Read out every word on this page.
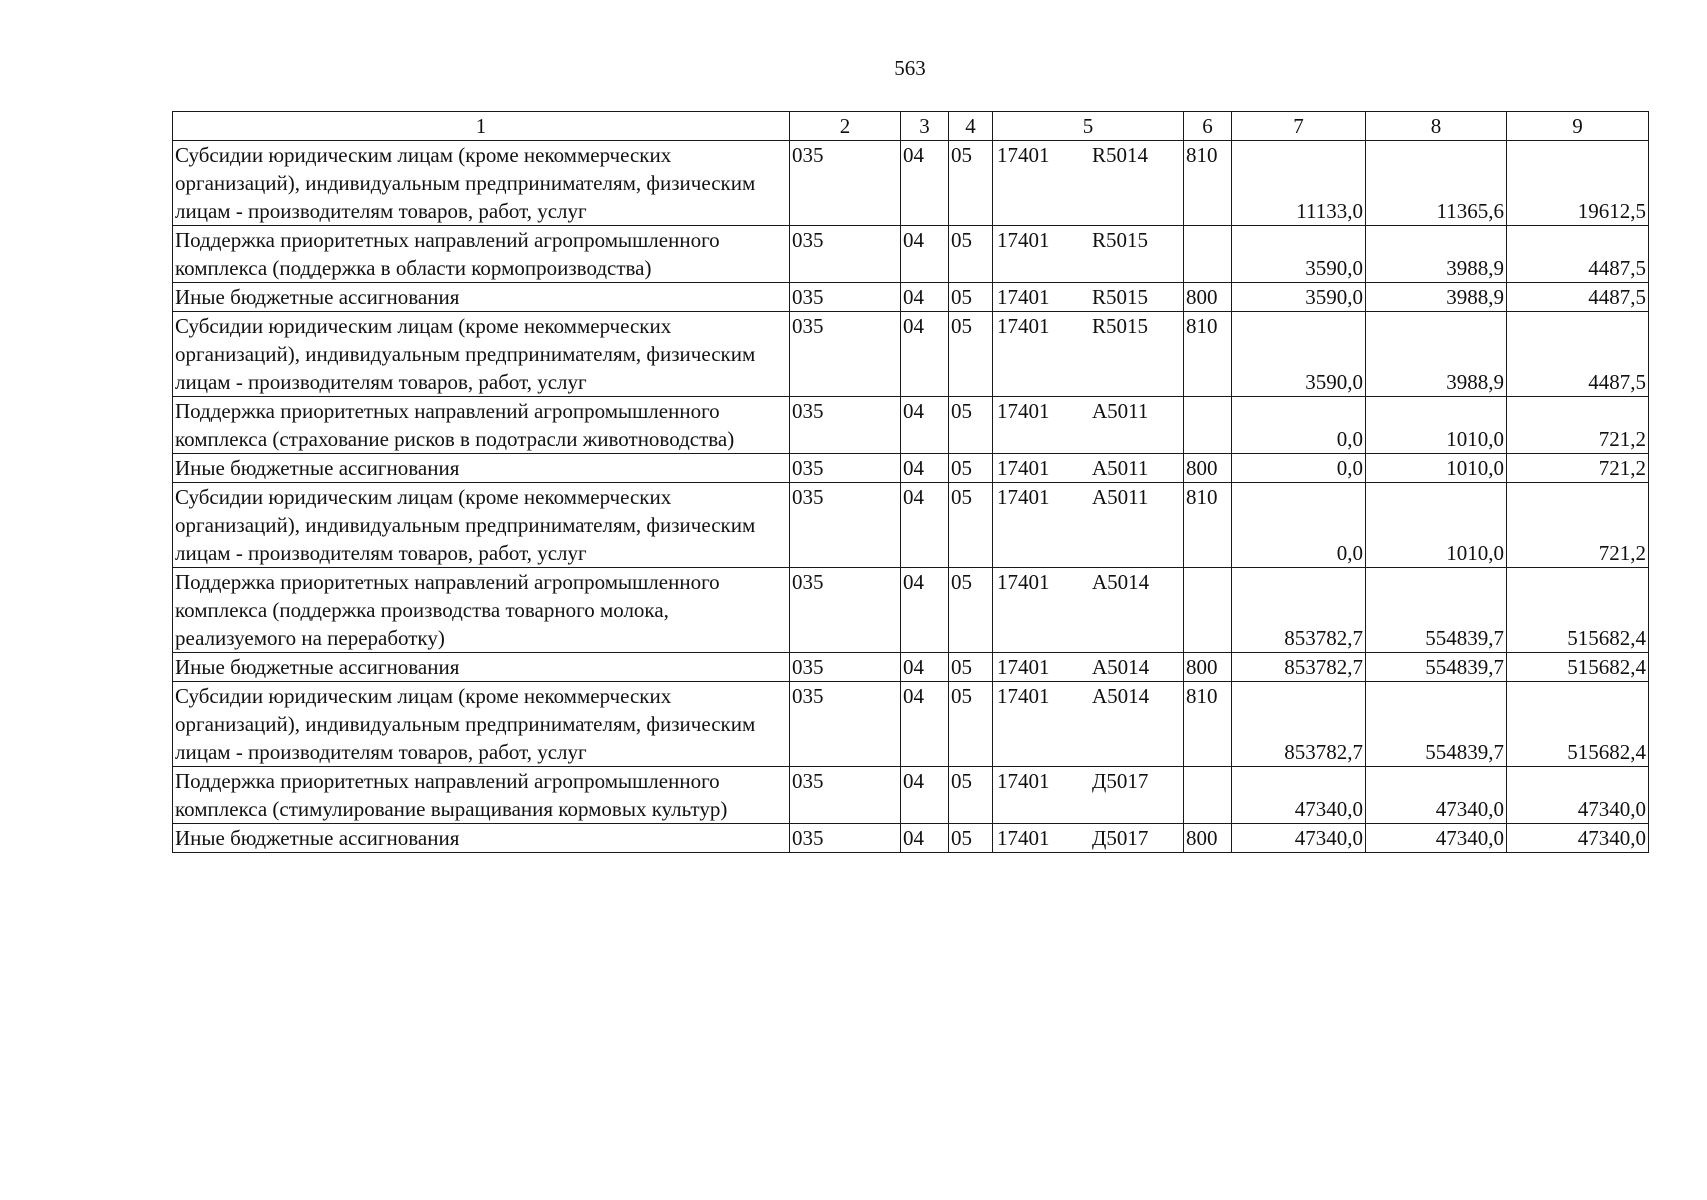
563
1	2	3	4	5	6	7	8	9
Субсидии юридическим лицам (кроме некоммерческих организаций), индивидуальным предпринимателям, физическим лицам - производителям товаров, работ, услуг	035	04	05	17401 R5014	810	11133,0	11365,6	19612,5
Поддержка приоритетных направлений агропромышленного комплекса (поддержка в области кормопроизводства)	035	04	05	17401 R5015		3590,0	3988,9	4487,5
Иные бюджетные ассигнования	035	04	05	17401 R5015	800	3590,0	3988,9	4487,5
Субсидии юридическим лицам (кроме некоммерческих организаций), индивидуальным предпринимателям, физическим лицам - производителям товаров, работ, услуг	035	04	05	17401 R5015	810	3590,0	3988,9	4487,5
Поддержка приоритетных направлений агропромышленного комплекса (страхование рисков в подотрасли животноводства)	035	04	05	17401 А5011		0,0	1010,0	721,2
Иные бюджетные ассигнования	035	04	05	17401 А5011	800	0,0	1010,0	721,2
Субсидии юридическим лицам (кроме некоммерческих организаций), индивидуальным предпринимателям, физическим лицам - производителям товаров, работ, услуг	035	04	05	17401 А5011	810	0,0	1010,0	721,2
Поддержка приоритетных направлений агропромышленного комплекса (поддержка производства товарного молока, реализуемого на переработку)	035	04	05	17401 А5014		853782,7	554839,7	515682,4
Иные бюджетные ассигнования	035	04	05	17401 А5014	800	853782,7	554839,7	515682,4
Субсидии юридическим лицам (кроме некоммерческих организаций), индивидуальным предпринимателям, физическим лицам - производителям товаров, работ, услуг	035	04	05	17401 А5014	810	853782,7	554839,7	515682,4
Поддержка приоритетных направлений агропромышленного комплекса (стимулирование выращивания кормовых культур)	035	04	05	17401 Д5017		47340,0	47340,0	47340,0
Иные бюджетные ассигнования	035	04	05	17401 Д5017	800	47340,0	47340,0	47340,0
